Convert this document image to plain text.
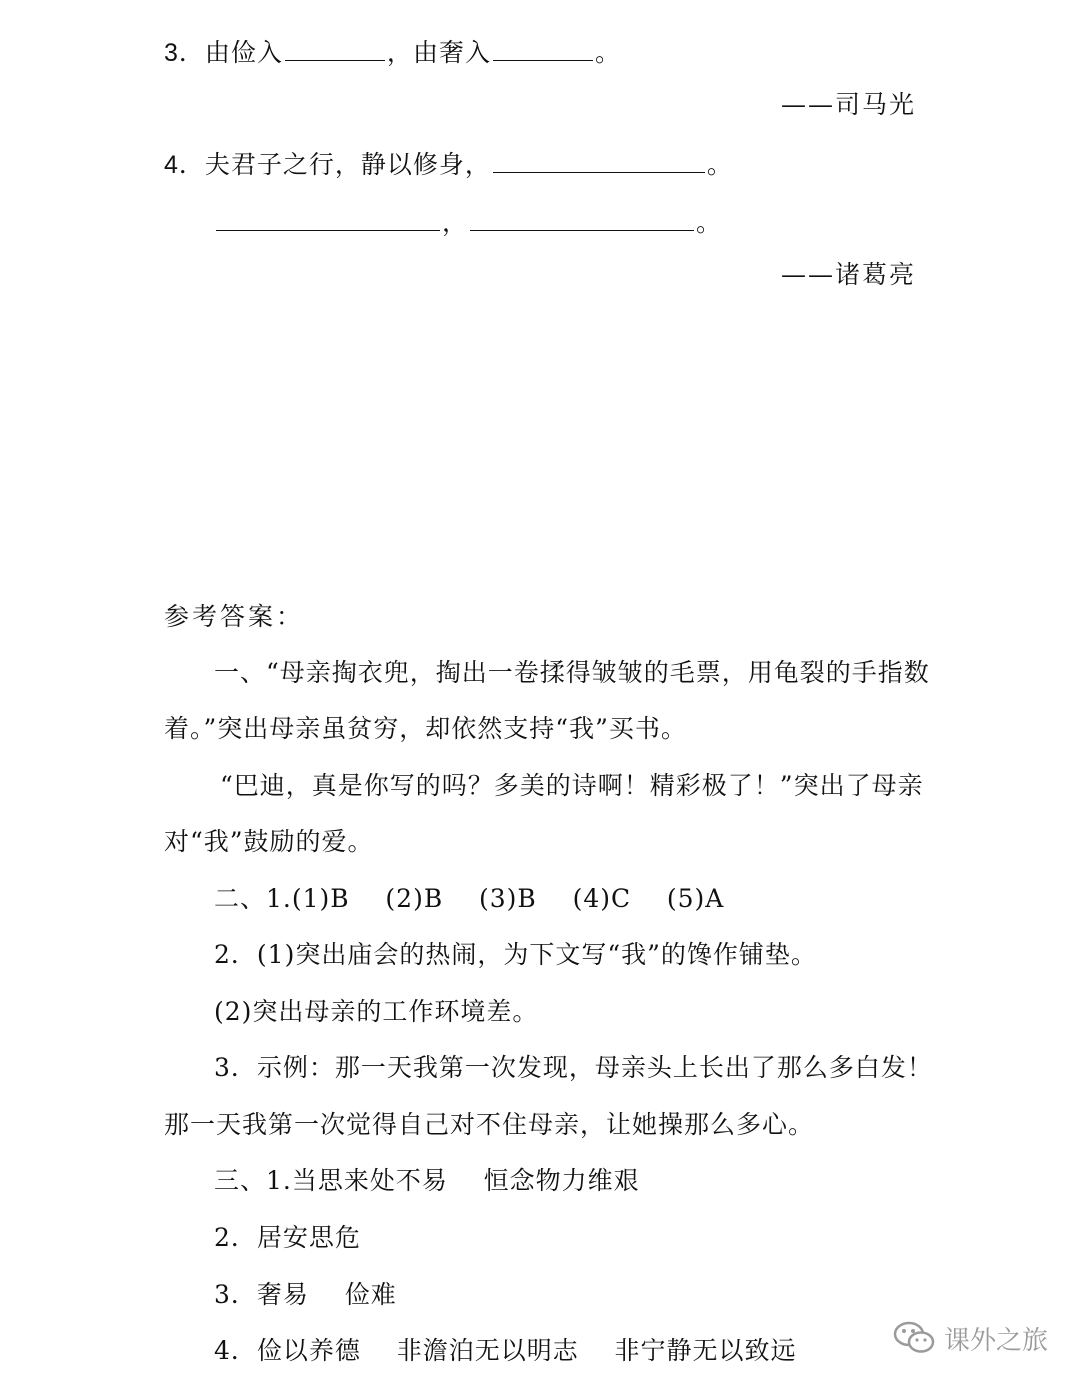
3．由俭入	，由奢入	。
——司马光
4．夫君子之行，静以修身，	。
，	。
——诸葛亮
参考答案：
一、“母亲掏衣兜，掏出一卷揉得皱皱的毛票，用龟裂的手指数
着。”突出母亲虽贫穷，却依然支持“我”买书。
“巴迪，真是你写的吗？多美的诗啊！精彩极了！”突出了母亲
对“我”鼓励的爱。
二、1.(1)B    (2)B    (3)B    (4)C    (5)A
2．(1)突出庙会的热闹，为下文写“我”的馋作铺垫。
(2)突出母亲的工作环境差。
3．示例：那一天我第一次发现，母亲头上长出了那么多白发！
那一天我第一次觉得自己对不住母亲，让她操那么多心。
三、1.当思来处不易    恒念物力维艰
2．居安思危
3．奢易    俭难
4．俭以养德    非澹泊无以明志    非宁静无以致远	课外之旅
